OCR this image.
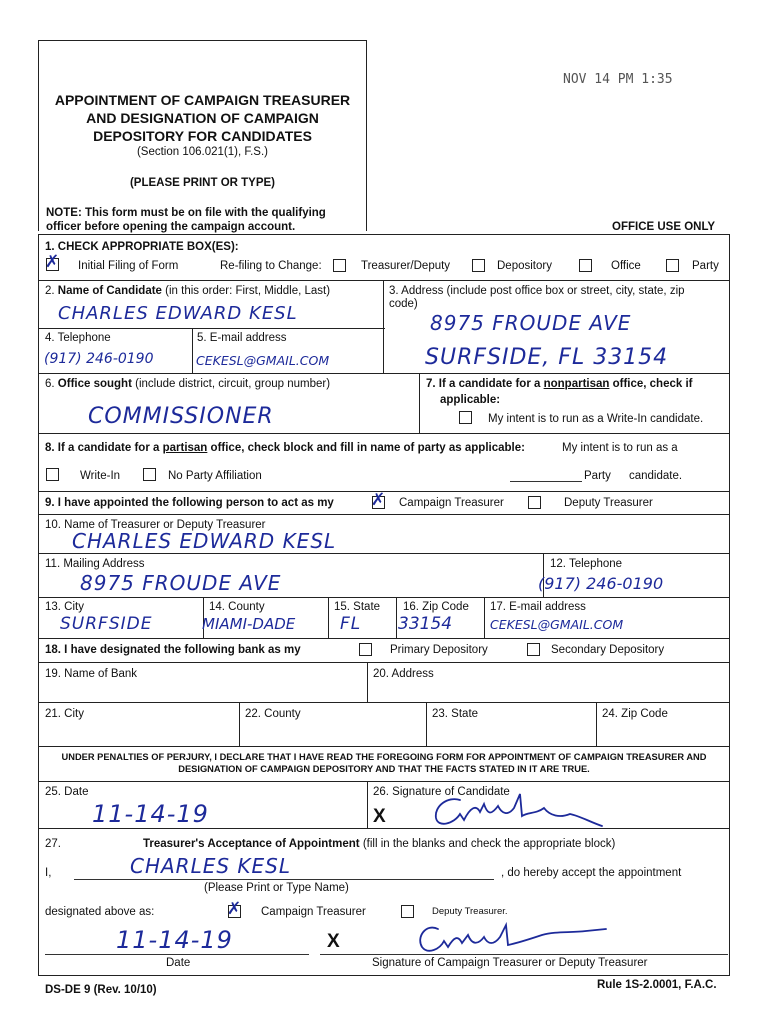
APPOINTMENT OF CAMPAIGN TREASURER
AND DESIGNATION OF CAMPAIGN
DEPOSITORY FOR CANDIDATES
(Section 106.021(1), F.S.)
(PLEASE PRINT OR TYPE)
NOTE: This form must be on file with the qualifying
officer before opening the campaign account.
NOV 14 PM 1:35
OFFICE USE ONLY
1. CHECK APPROPRIATE BOX(ES):
✗ Initial Filing of Form	Re-filing to Change:	Treasurer/Deputy	Depository	Office	Party
2. Name of Candidate (in this order: First, Middle, Last)
CHARLES EDWARD KESL
3. Address (include post office box or street, city, state, zip
code)
8975 FROUDE AVE
SURFSIDE, FL 33154
4. Telephone	5. E-mail address
(917) 246-0190	CEKESL@GMAIL.COM
6. Office sought (include district, circuit, group number)
COMMISSIONER
7. If a candidate for a nonpartisan office, check if
applicable:
My intent is to run as a Write-In candidate.
8. If a candidate for a partisan office, check block and fill in name of party as applicable:	My intent is to run as a
Write-In	No Party Affiliation	Party candidate.
9. I have appointed the following person to act as my ✗ Campaign Treasurer	Deputy Treasurer
10. Name of Treasurer or Deputy Treasurer
CHARLES EDWARD KESL
11. Mailing Address
8975 FROUDE AVE
12. Telephone
(917) 246-0190
13. City
SURFSIDE
14. County
MIAMI-DADE
15. State
FL
16. Zip Code
33154
17. E-mail address
CEKESL@GMAIL.COM
18. I have designated the following bank as my	Primary Depository	Secondary Depository
19. Name of Bank	20. Address
21. City	22. County	23. State	24. Zip Code
UNDER PENALTIES OF PERJURY, I DECLARE THAT I HAVE READ THE FOREGOING FORM FOR APPOINTMENT OF CAMPAIGN TREASURER AND
DESIGNATION OF CAMPAIGN DEPOSITORY AND THAT THE FACTS STATED IN IT ARE TRUE.
25. Date
11-14-19
26. Signature of Candidate
X
27.	Treasurer's Acceptance of Appointment (fill in the blanks and check the appropriate block)
I,	CHARLES KESL	, do hereby accept the appointment
(Please Print or Type Name)
designated above as:	✗ Campaign Treasurer	Deputy Treasurer.
11-14-19	X
Date	Signature of Campaign Treasurer or Deputy Treasurer
DS-DE 9 (Rev. 10/10)	Rule 1S-2.0001, F.A.C.
